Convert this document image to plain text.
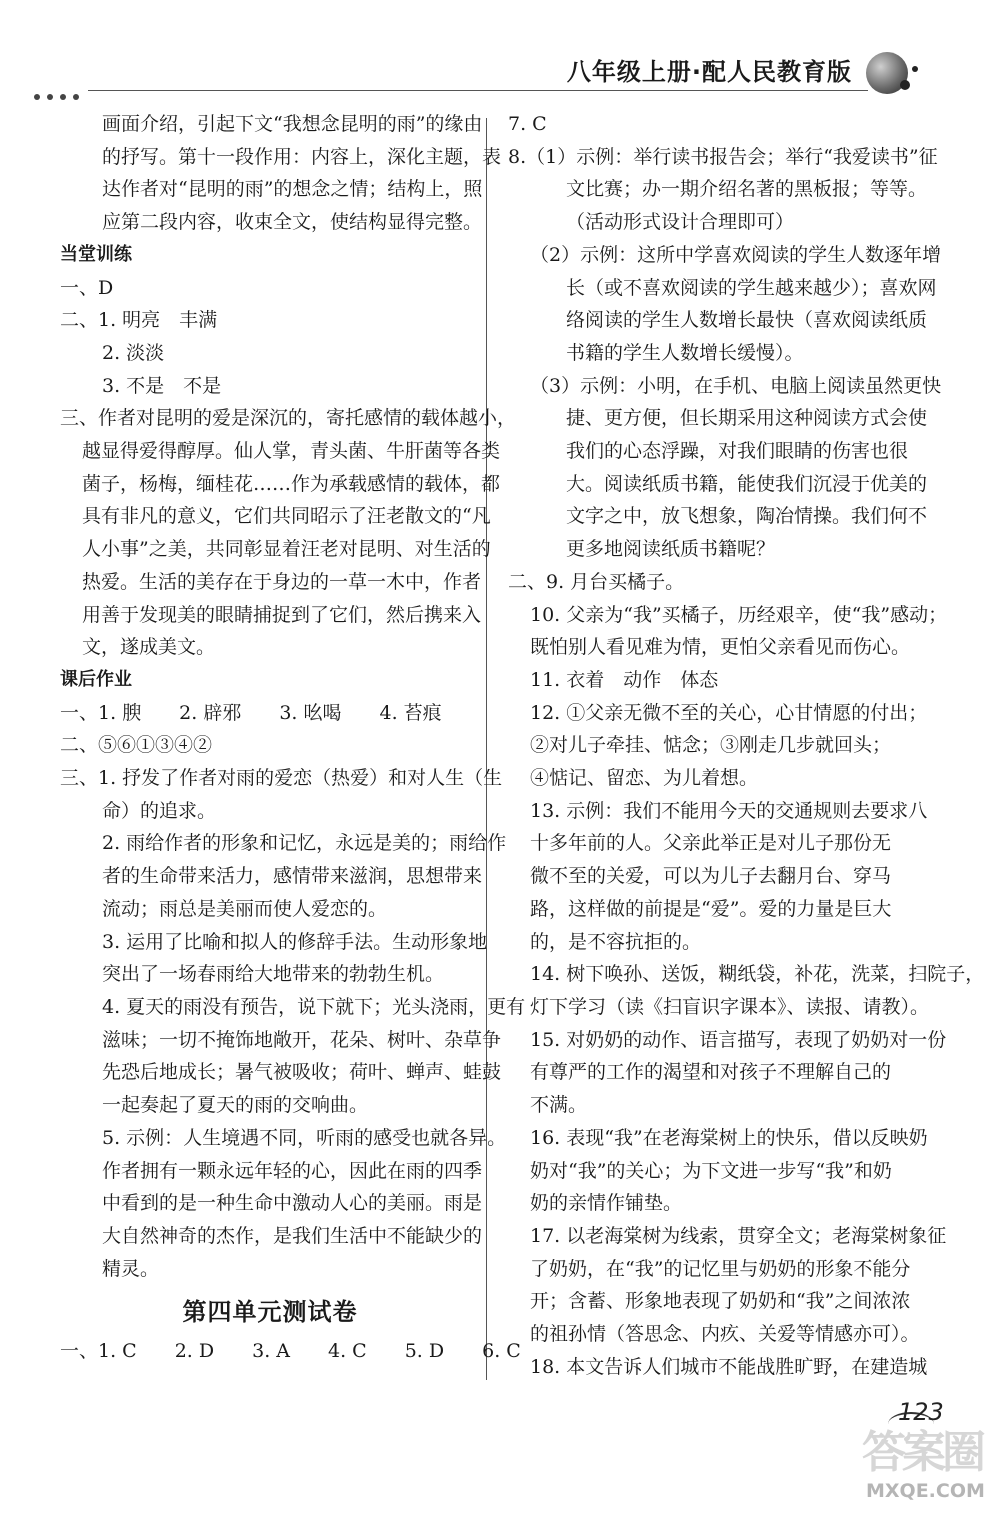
八年级上册·配人民教育版
画面介绍，引起下文“我想念昆明的雨”的缘由
的抒写。第十一段作用：内容上，深化主题，表
达作者对“昆明的雨”的想念之情；结构上，照
应第二段内容，收束全文，使结构显得完整。
当堂训练
一、D
二、1. 明亮　丰满
2. 淡淡
3. 不是　不是
三、作者对昆明的爱是深沉的，寄托感情的载体越小，
越显得爱得醇厚。仙人掌，青头菌、牛肝菌等各类
菌子，杨梅，缅桂花……作为承载感情的载体，都
具有非凡的意义，它们共同昭示了汪老散文的“凡
人小事”之美，共同彰显着汪老对昆明、对生活的
热爱。生活的美存在于身边的一草一木中，作者
用善于发现美的眼睛捕捉到了它们，然后携来入
文，遂成美文。
课后作业
一、1. 腴　　2. 辟邪　　3. 吆喝　　4. 苔痕
二、⑤⑥①③④②
三、1. 抒发了作者对雨的爱恋（热爱）和对人生（生
命）的追求。
2. 雨给作者的形象和记忆，永远是美的；雨给作
者的生命带来活力，感情带来滋润，思想带来
流动；雨总是美丽而使人爱恋的。
3. 运用了比喻和拟人的修辞手法。生动形象地
突出了一场春雨给大地带来的勃勃生机。
4. 夏天的雨没有预告，说下就下；光头浇雨，更有
滋味；一切不掩饰地敞开，花朵、树叶、杂草争
先恐后地成长；暑气被吸收；荷叶、蝉声、蛙鼓
一起奏起了夏天的雨的交响曲。
5. 示例：人生境遇不同，听雨的感受也就各异。
作者拥有一颗永远年轻的心，因此在雨的四季
中看到的是一种生命中激动人心的美丽。雨是
大自然神奇的杰作，是我们生活中不能缺少的
精灵。
第四单元测试卷
一、1. C　　2. D　　3. A　　4. C　　5. D　　6. C
7. C
8.（1）示例：举行读书报告会；举行“我爱读书”征
文比赛；办一期介绍名著的黑板报；等等。
（活动形式设计合理即可）
（2）示例：这所中学喜欢阅读的学生人数逐年增
长（或不喜欢阅读的学生越来越少）；喜欢网
络阅读的学生人数增长最快（喜欢阅读纸质
书籍的学生人数增长缓慢）。
（3）示例：小明，在手机、电脑上阅读虽然更快
捷、更方便，但长期采用这种阅读方式会使
我们的心态浮躁，对我们眼睛的伤害也很
大。阅读纸质书籍，能使我们沉浸于优美的
文字之中，放飞想象，陶冶情操。我们何不
更多地阅读纸质书籍呢？
二、9. 月台买橘子。
10. 父亲为“我”买橘子，历经艰辛，使“我”感动；
既怕别人看见难为情，更怕父亲看见而伤心。
11. 衣着　动作　体态
12. ①父亲无微不至的关心，心甘情愿的付出；
②对儿子牵挂、惦念；③刚走几步就回头；
④惦记、留恋、为儿着想。
13. 示例：我们不能用今天的交通规则去要求八
十多年前的人。父亲此举正是对儿子那份无
微不至的关爱，可以为儿子去翻月台、穿马
路，这样做的前提是“爱”。爱的力量是巨大
的，是不容抗拒的。
14. 树下唤孙、送饭，糊纸袋，补花，洗菜，扫院子，
灯下学习（读《扫盲识字课本》、读报、请教）。
15. 对奶奶的动作、语言描写，表现了奶奶对一份
有尊严的工作的渴望和对孩子不理解自己的
不满。
16. 表现“我”在老海棠树上的快乐，借以反映奶
奶对“我”的关心；为下文进一步写“我”和奶
奶的亲情作铺垫。
17. 以老海棠树为线索，贯穿全文；老海棠树象征
了奶奶，在“我”的记忆里与奶奶的形象不能分
开；含蓄、形象地表现了奶奶和“我”之间浓浓
的祖孙情（答思念、内疚、关爱等情感亦可）。
18. 本文告诉人们城市不能战胜旷野，在建造城
123
答案圈
MXQE.COM
